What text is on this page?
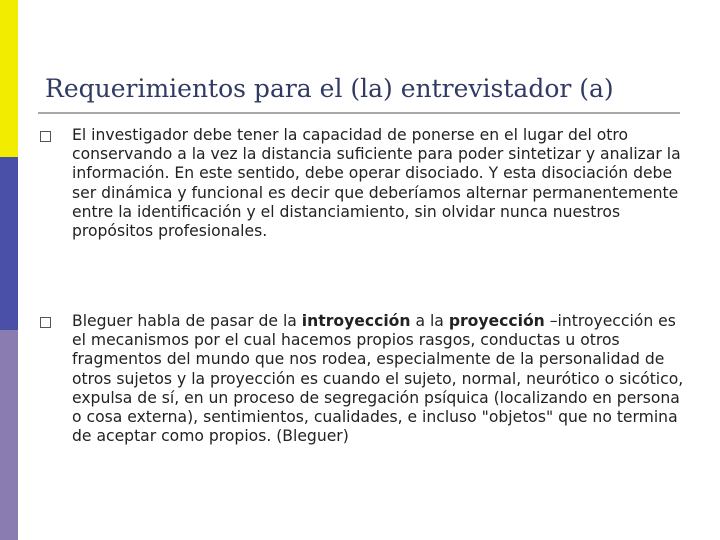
Requerimientos para el (la) entrevistador (a)
El investigador debe tener la capacidad de ponerse en el lugar del otro conservando a la vez la distancia suficiente para poder sintetizar y analizar la información. En este sentido, debe operar disociado. Y esta disociación debe ser dinámica y funcional es decir que deberíamos alternar permanentemente entre la identificación y el distanciamiento, sin olvidar nunca nuestros propósitos profesionales.
Bleguer habla de pasar de la introyección a la proyección –introyección es el mecanismos por el cual hacemos propios rasgos, conductas u otros fragmentos del mundo que nos rodea, especialmente de la personalidad de otros sujetos y la proyección es cuando el sujeto, normal, neurótico o sicótico, expulsa de sí, en un proceso de segregación psíquica (localizando en persona o cosa externa), sentimientos, cualidades, e incluso "objetos" que no termina de aceptar como propios. (Bleguer)
